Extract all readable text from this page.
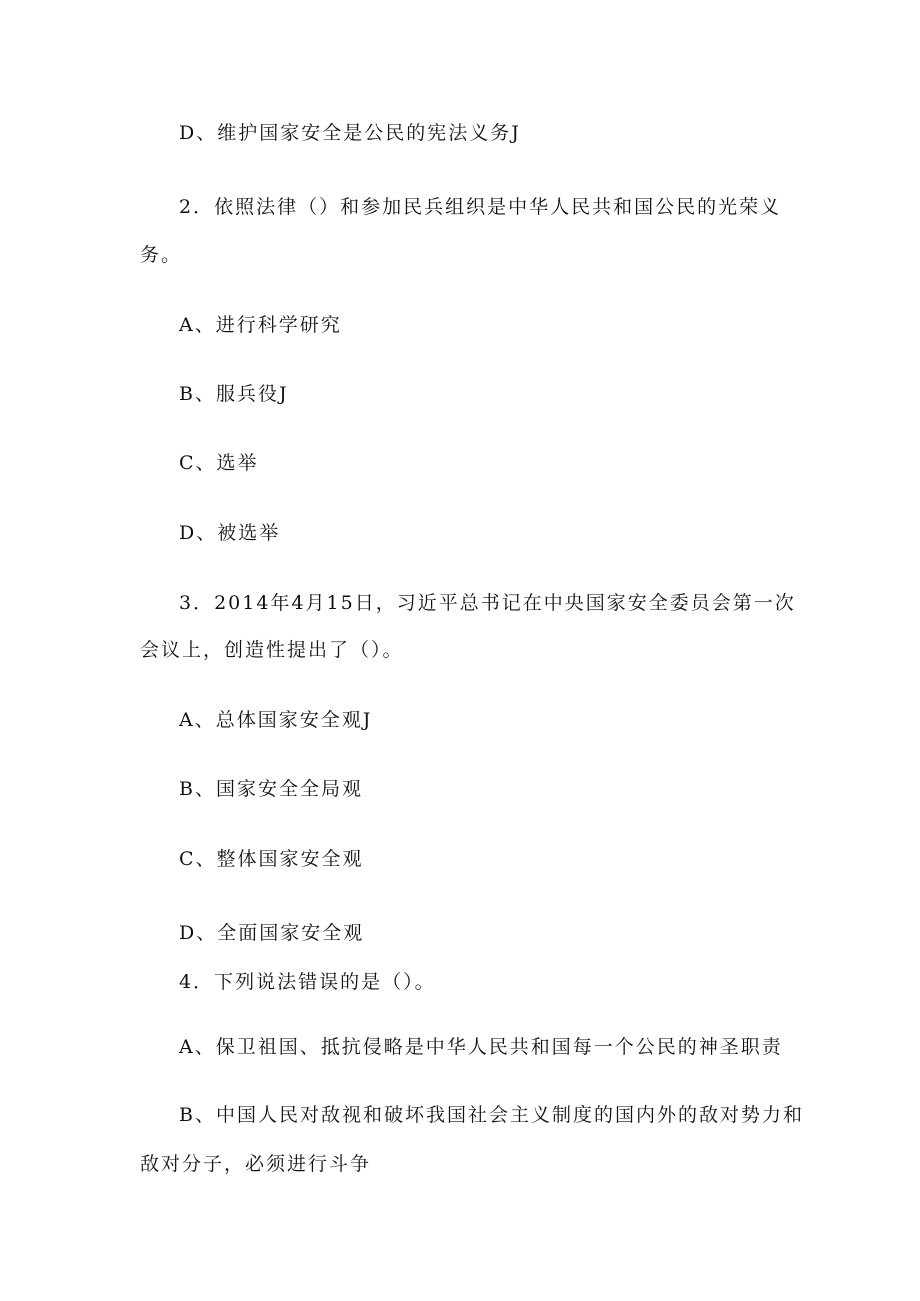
D、维护国家安全是公民的宪法义务J
2．依照法律（）和参加民兵组织是中华人民共和国公民的光荣义
务。
A、进行科学研究
B、服兵役J
C、选举
D、被选举
3．2014年4月15日，习近平总书记在中央国家安全委员会第一次
会议上，创造性提出了（）。
A、总体国家安全观J
B、国家安全全局观
C、整体国家安全观
D、全面国家安全观
4．下列说法错误的是（）。
A、保卫祖国、抵抗侵略是中华人民共和国每一个公民的神圣职责
B、中国人民对敌视和破坏我国社会主义制度的国内外的敌对势力和
敌对分子，必须进行斗争
